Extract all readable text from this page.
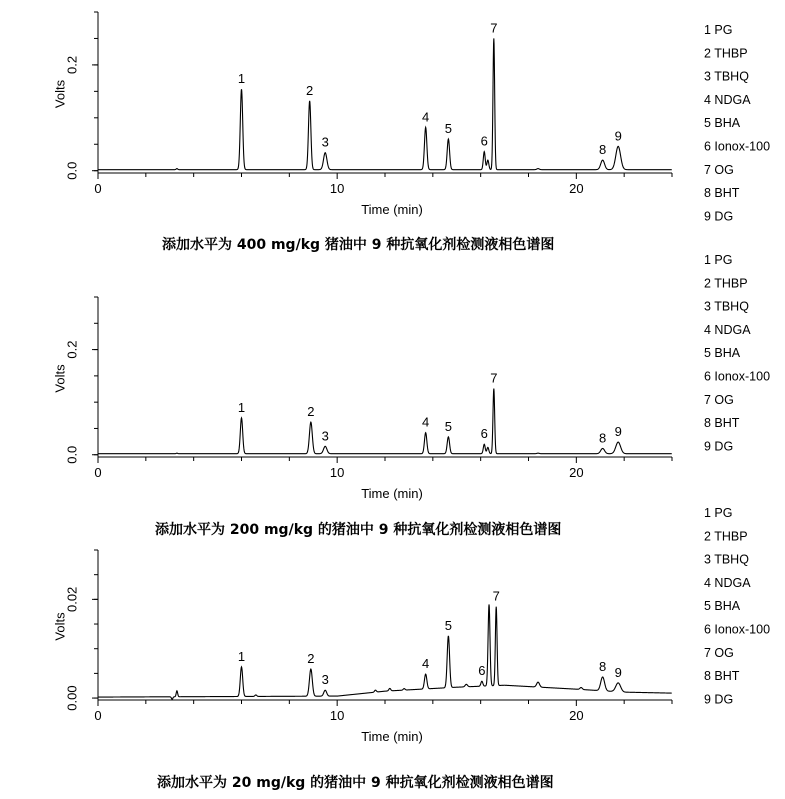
0	10	20
0.0
0.2
Time (min)
Volts
1
2
3
4
5
6
7
8
9
1 PG
2 THBP
3 TBHQ
4 NDGA
5 BHA
6 Ionox-100
7 OG
8 BHT
9 DG
添加水平为 400 mg/kg 猪油中 9 种抗氧化剂检测液相色谱图
0	10	20
0.0
0.2
Time (min)
Volts
1	2
3
4 5 6
7
8 9
1 PG
2 THBP
3 TBHQ
4 NDGA
5 BHA
6 Ionox-100
7 OG
8 BHT
9 DG
添加水平为 200 mg/kg 的猪油中 9 种抗氧化剂检测液相色谱图
0	10	20
0.00
0.02
Time (min)
Volts
1	2
3
4
5
6
7
8 9
1 PG
2 THBP
3 TBHQ
4 NDGA
5 BHA
6 Ionox-100
7 OG
8 BHT
9 DG
添加水平为 20 mg/kg 的猪油中 9 种抗氧化剂检测液相色谱图
